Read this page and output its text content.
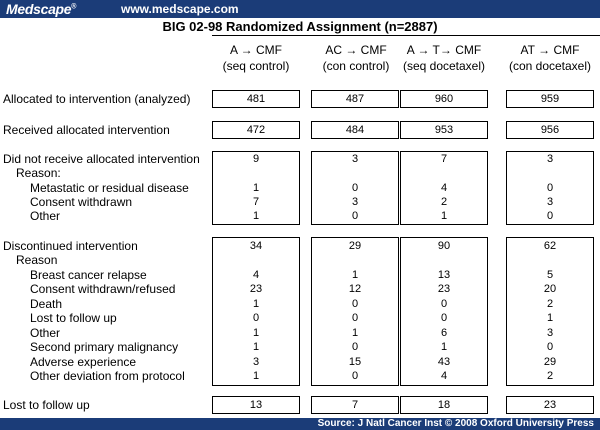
Medscape®	www.medscape.com
BIG 02-98 Randomized Assignment (n=2887)
A → CMF
(seq control)
AC → CMF
(con control)
A → T→ CMF
(seq docetaxel)
AT → CMF
(con docetaxel)
Allocated to intervention (analyzed)	481	487	960	959
Received allocated intervention	472	484	953	956
Did not receive allocated intervention	9	3	7	3
Reason:
Metastatic or residual disease	1	0	4	0
Consent withdrawn	7	3	2	3
Other	1	0	1	0
Discontinued intervention	34	29	90	62
Reason
Breast cancer relapse	4	1	13	5
Consent withdrawn/refused	23	12	23	20
Death	1	0	0	2
Lost to follow up	0	0	0	1
Other	1	1	6	3
Second primary malignancy	1	0	1	0
Adverse experience	3	15	43	29
Other deviation from protocol	1	0	4	2
Lost to follow up	13	7	18	23
Source: J Natl Cancer Inst © 2008 Oxford University Press
